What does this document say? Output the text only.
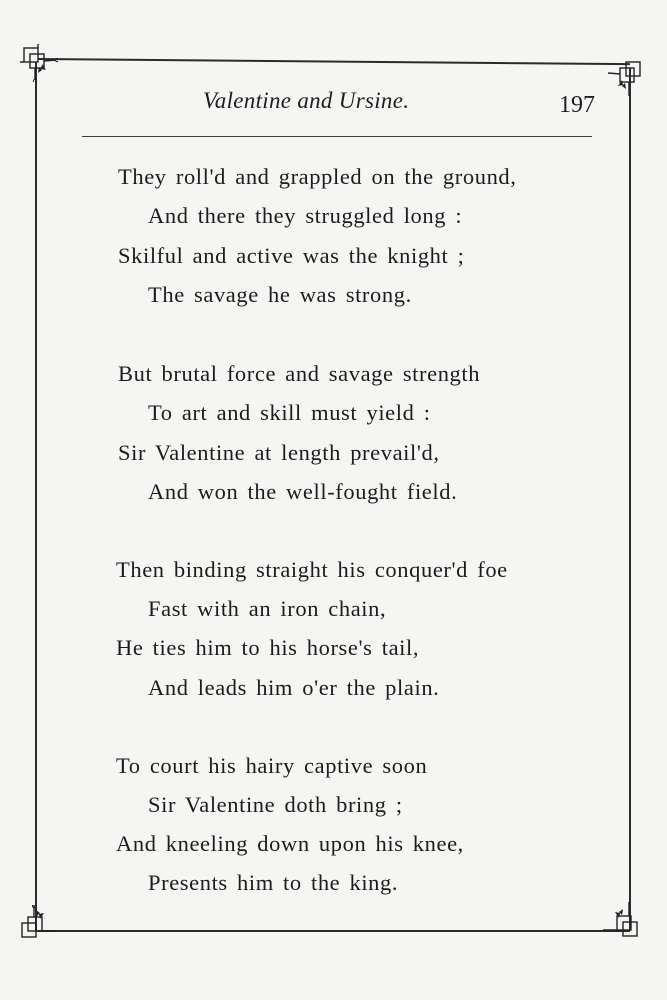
Valentine and Ursine.	197
They roll'd and grappled on the ground,
And there they struggled long :
Skilful and active was the knight ;
The savage he was strong.
But brutal force and savage strength
To art and skill must yield :
Sir Valentine at length prevail'd,
And won the well-fought field.
Then binding straight his conquer'd foe
Fast with an iron chain,
He ties him to his horse's tail,
And leads him o'er the plain.
To court his hairy captive soon
Sir Valentine doth bring ;
And kneeling down upon his knee,
Presents him to the king.
